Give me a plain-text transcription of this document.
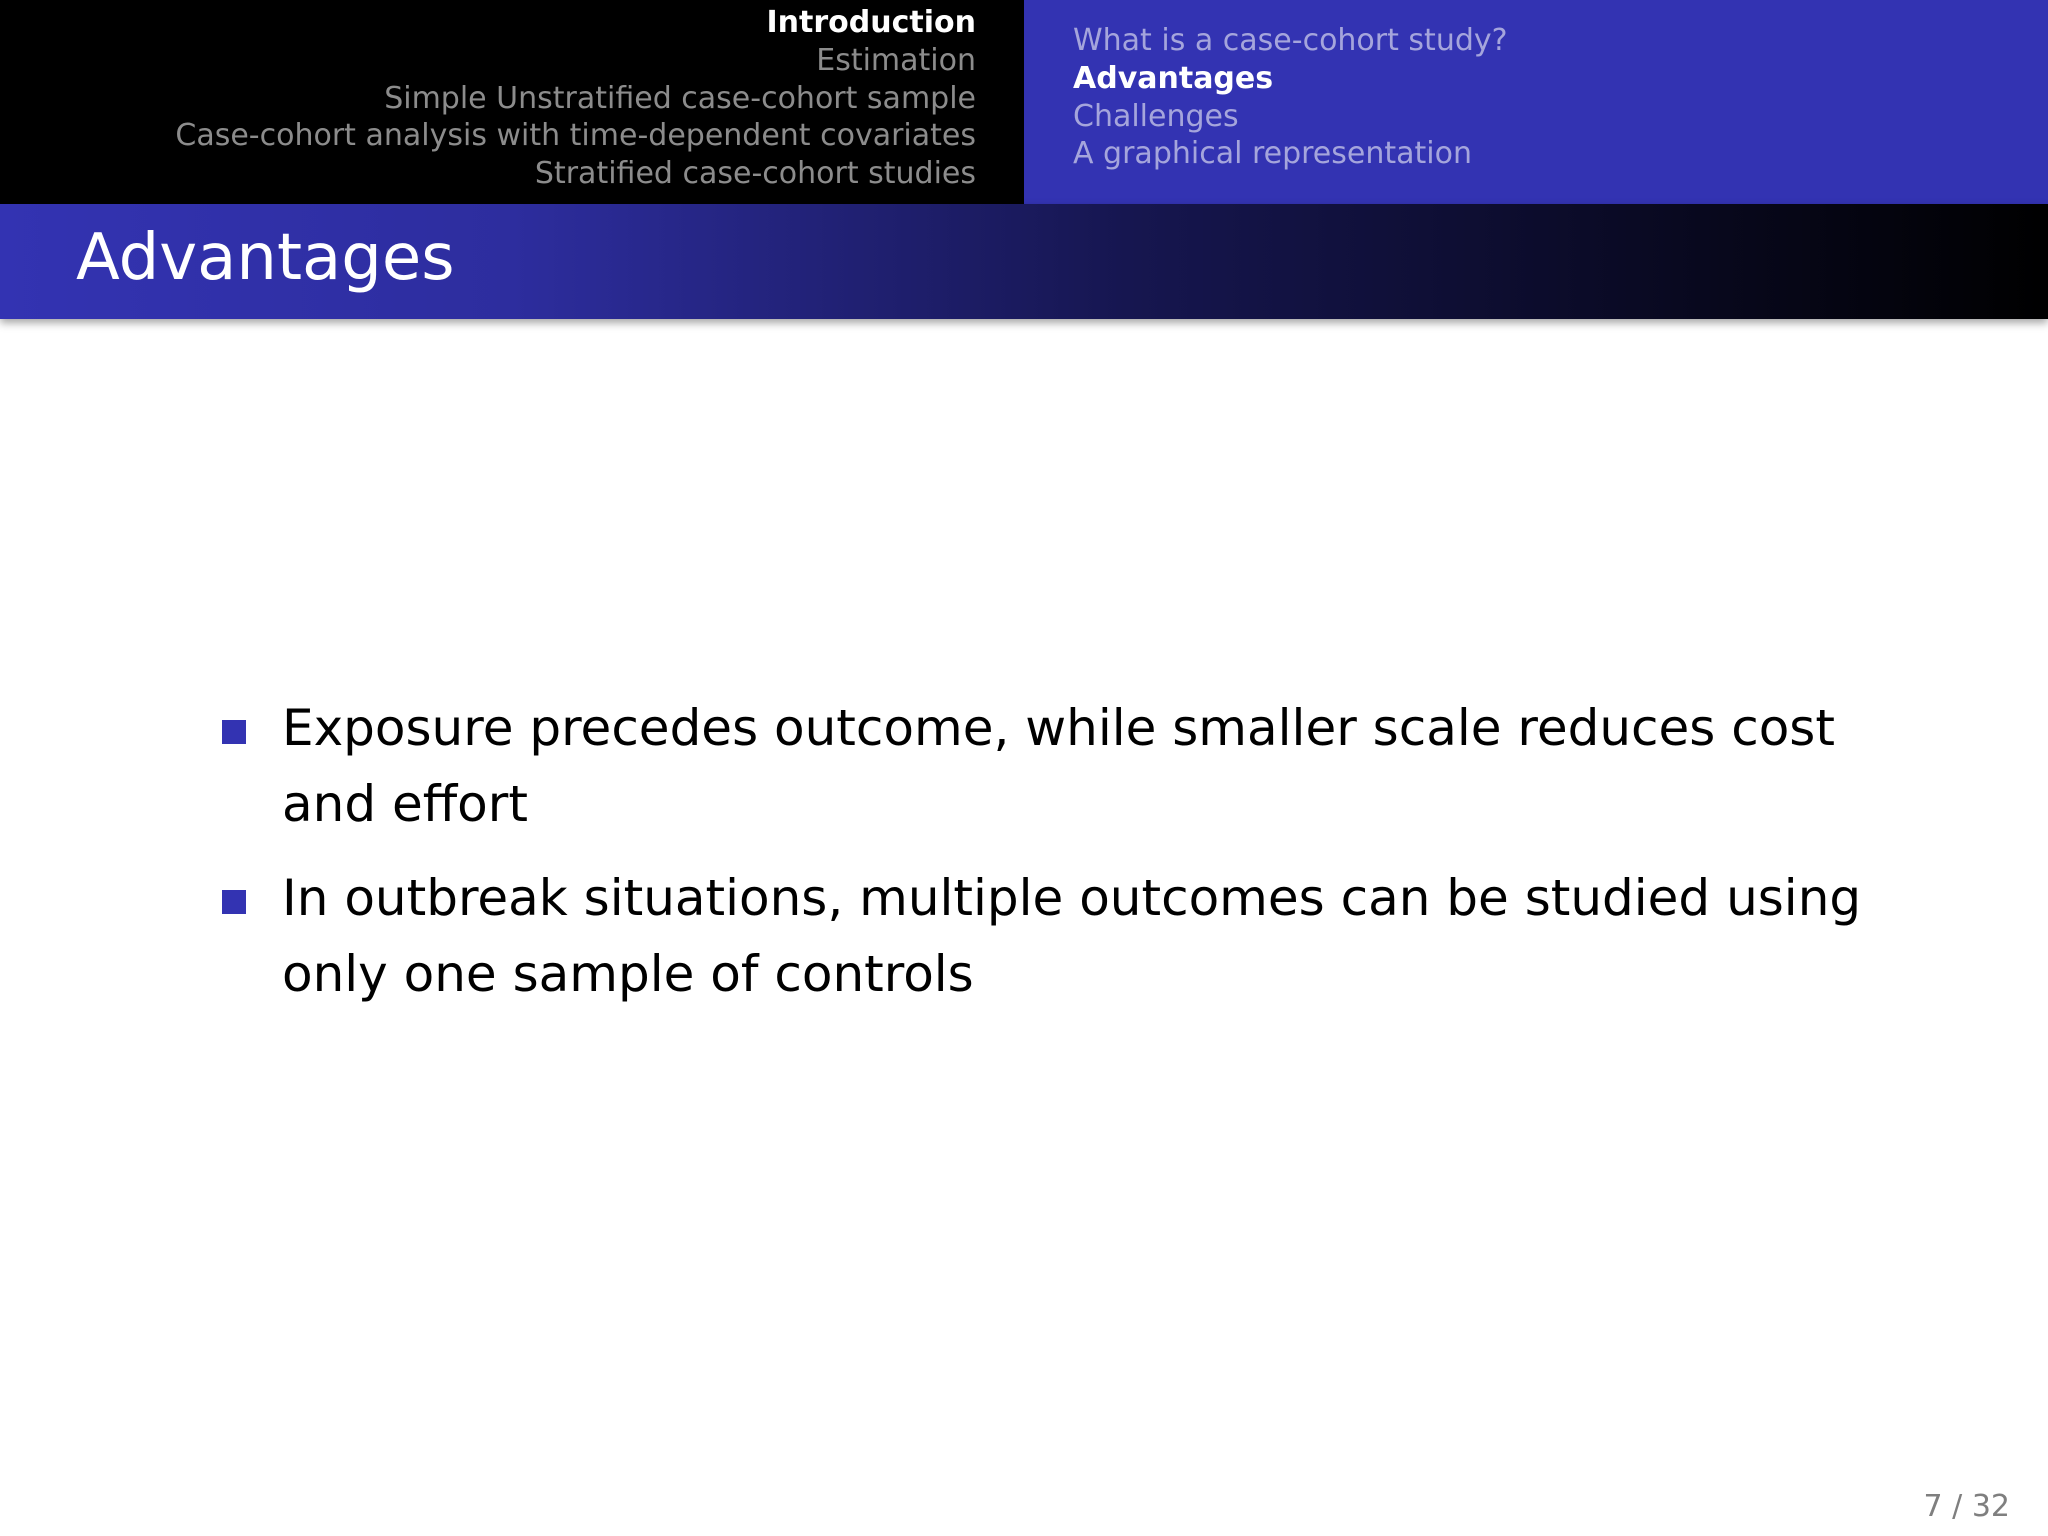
Introduction
Estimation
Simple Unstratified case-cohort sample
Case-cohort analysis with time-dependent covariates
Stratified case-cohort studies
What is a case-cohort study?
Advantages
Challenges
A graphical representation
Advantages
Exposure precedes outcome, while smaller scale reduces cost and effort
In outbreak situations, multiple outcomes can be studied using only one sample of controls
7 / 32
